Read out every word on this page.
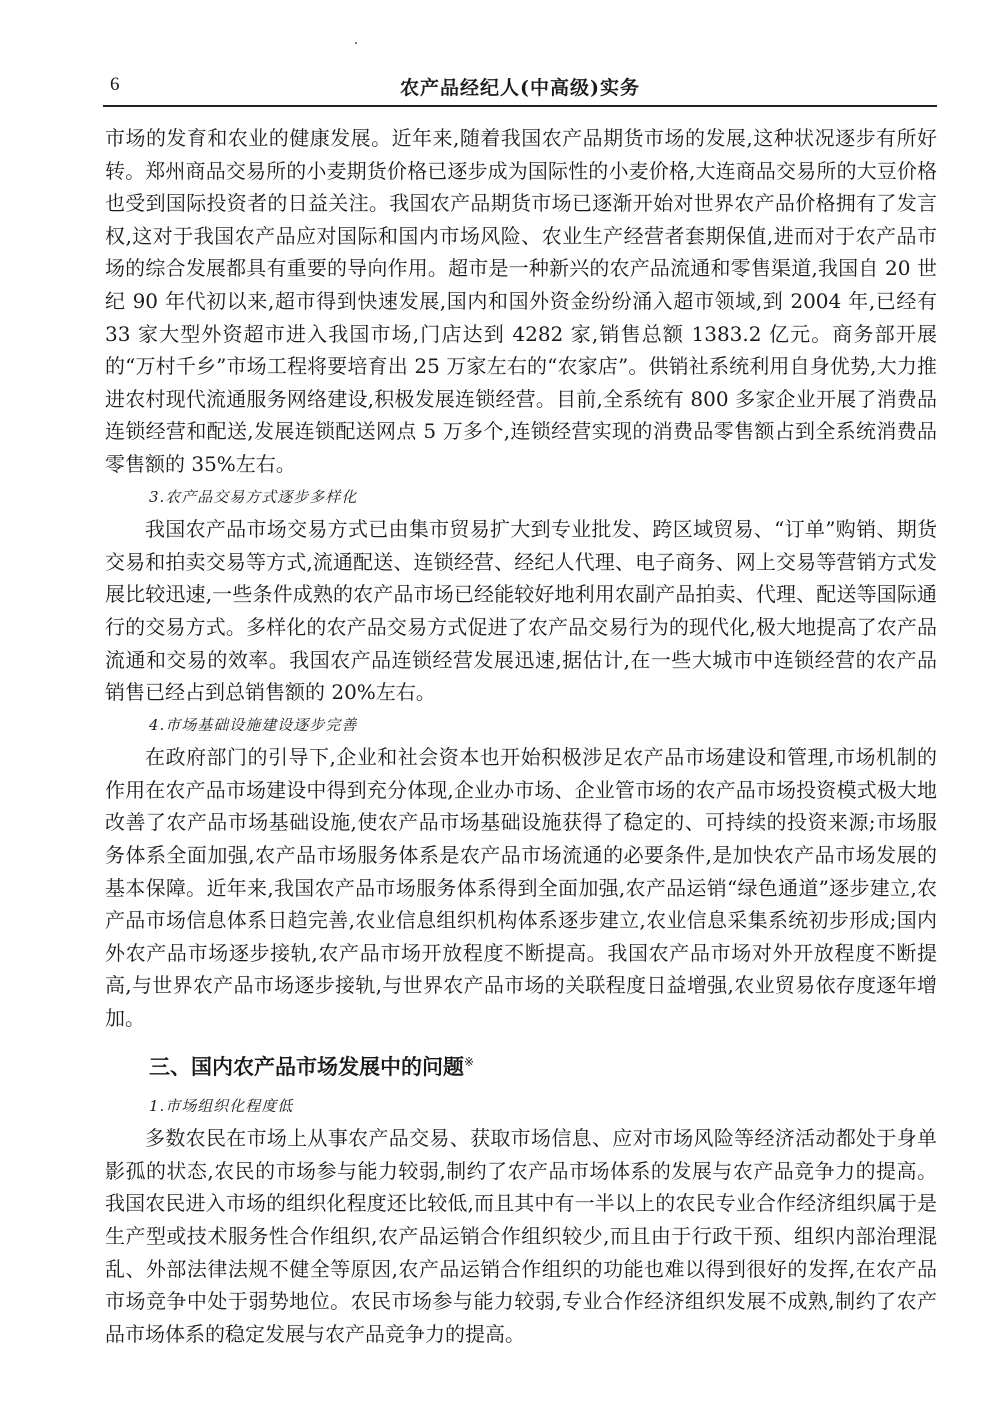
6	农产品经纪人(中高级)实务

市场的发育和农业的健康发展。近年来,随着我国农产品期货市场的发展,这种状况逐步有所好转。郑州商品交易所的小麦期货价格已逐步成为国际性的小麦价格,大连商品交易所的大豆价格也受到国际投资者的日益关注。我国农产品期货市场已逐渐开始对世界农产品价格拥有了发言权,这对于我国农产品应对国际和国内市场风险、农业生产经营者套期保值,进而对于农产品市场的综合发展都具有重要的导向作用。超市是一种新兴的农产品流通和零售渠道,我国自 20 世纪 90 年代初以来,超市得到快速发展,国内和国外资金纷纷涌入超市领域,到 2004 年,已经有 33 家大型外资超市进入我国市场,门店达到 4282 家,销售总额 1383.2 亿元。商务部开展的“万村千乡”市场工程将要培育出 25 万家左右的“农家店”。供销社系统利用自身优势,大力推进农村现代流通服务网络建设,积极发展连锁经营。目前,全系统有 800 多家企业开展了消费品连锁经营和配送,发展连锁配送网点 5 万多个,连锁经营实现的消费品零售额占到全系统消费品零售额的 35%左右。

3.农产品交易方式逐步多样化

我国农产品市场交易方式已由集市贸易扩大到专业批发、跨区域贸易、“订单”购销、期货交易和拍卖交易等方式,流通配送、连锁经营、经纪人代理、电子商务、网上交易等营销方式发展比较迅速,一些条件成熟的农产品市场已经能较好地利用农副产品拍卖、代理、配送等国际通行的交易方式。多样化的农产品交易方式促进了农产品交易行为的现代化,极大地提高了农产品流通和交易的效率。我国农产品连锁经营发展迅速,据估计,在一些大城市中连锁经营的农产品销售已经占到总销售额的 20%左右。

4.市场基础设施建设逐步完善

在政府部门的引导下,企业和社会资本也开始积极涉足农产品市场建设和管理,市场机制的作用在农产品市场建设中得到充分体现,企业办市场、企业管市场的农产品市场投资模式极大地改善了农产品市场基础设施,使农产品市场基础设施获得了稳定的、可持续的投资来源;市场服务体系全面加强,农产品市场服务体系是农产品市场流通的必要条件,是加快农产品市场发展的基本保障。近年来,我国农产品市场服务体系得到全面加强,农产品运销“绿色通道”逐步建立,农产品市场信息体系日趋完善,农业信息组织机构体系逐步建立,农业信息采集系统初步形成;国内外农产品市场逐步接轨,农产品市场开放程度不断提高。我国农产品市场对外开放程度不断提高,与世界农产品市场逐步接轨,与世界农产品市场的关联程度日益增强,农业贸易依存度逐年增加。

三、国内农产品市场发展中的问题※

1.市场组织化程度低

多数农民在市场上从事农产品交易、获取市场信息、应对市场风险等经济活动都处于身单影孤的状态,农民的市场参与能力较弱,制约了农产品市场体系的发展与农产品竞争力的提高。我国农民进入市场的组织化程度还比较低,而且其中有一半以上的农民专业合作经济组织属于是生产型或技术服务性合作组织,农产品运销合作组织较少,而且由于行政干预、组织内部治理混乱、外部法律法规不健全等原因,农产品运销合作组织的功能也难以得到很好的发挥,在农产品市场竞争中处于弱势地位。农民市场参与能力较弱,专业合作经济组织发展不成熟,制约了农产品市场体系的稳定发展与农产品竞争力的提高。
